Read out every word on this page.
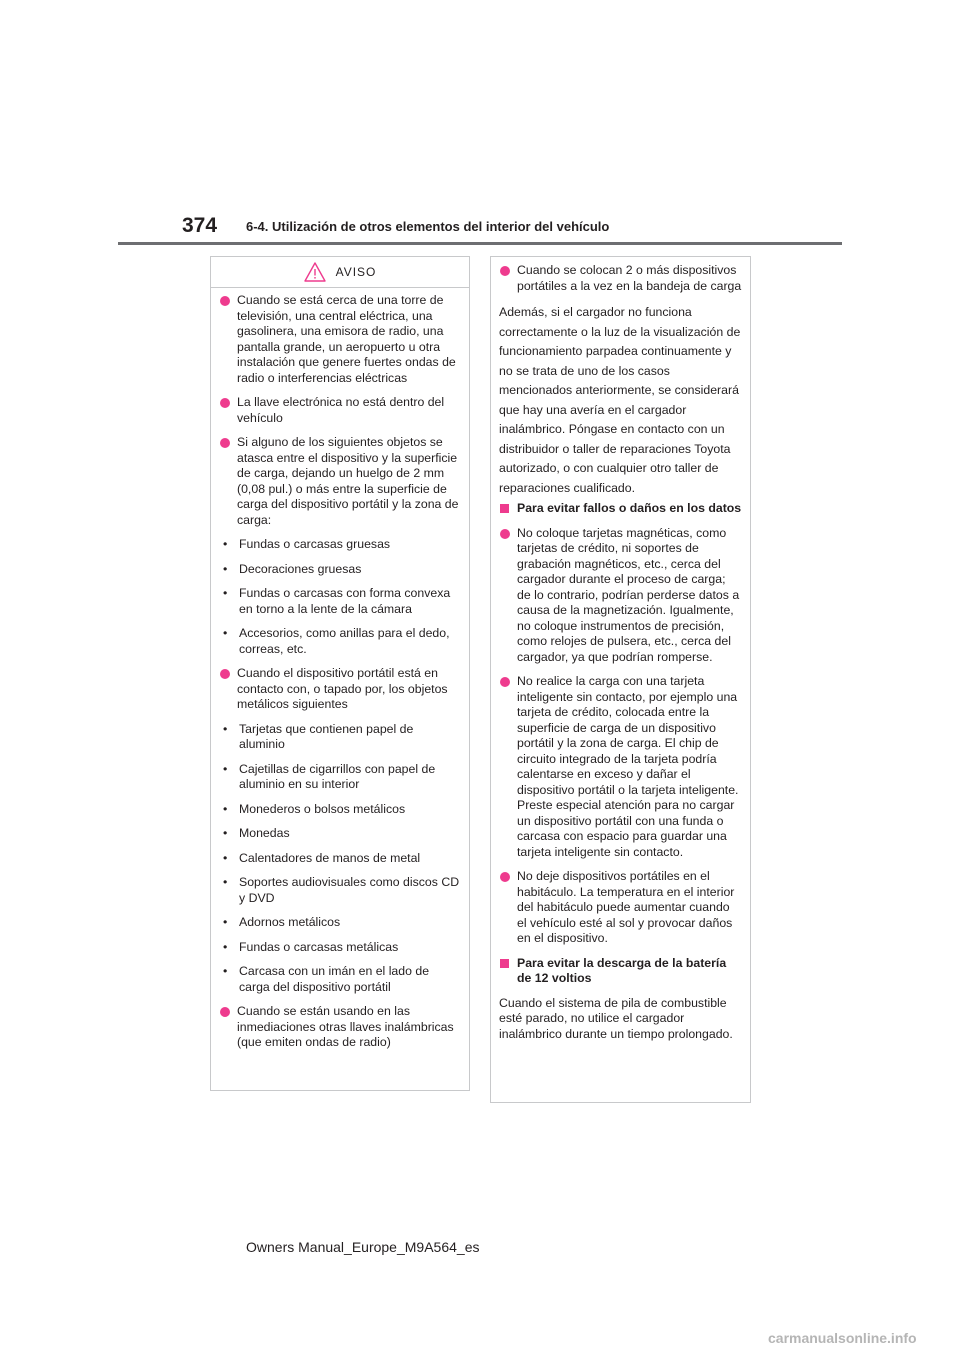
374 6-4. Utilización de otros elementos del interior del vehículo
AVISO
Cuando se está cerca de una torre de televisión, una central eléctrica, una gasolinera, una emisora de radio, una pantalla grande, un aeropuerto u otra instalación que genere fuertes ondas de radio o interferencias eléctricas
La llave electrónica no está dentro del vehículo
Si alguno de los siguientes objetos se atasca entre el dispositivo y la superficie de carga, dejando un huelgo de 2 mm (0,08 pul.) o más entre la superficie de carga del dispositivo portátil y la zona de carga:
• Fundas o carcasas gruesas
• Decoraciones gruesas
• Fundas o carcasas con forma convexa en torno a la lente de la cámara
• Accesorios, como anillas para el dedo, correas, etc.
Cuando el dispositivo portátil está en contacto con, o tapado por, los objetos metálicos siguientes
• Tarjetas que contienen papel de aluminio
• Cajetillas de cigarrillos con papel de aluminio en su interior
• Monederos o bolsos metálicos
• Monedas
• Calentadores de manos de metal
• Soportes audiovisuales como discos CD y DVD
• Adornos metálicos
• Fundas o carcasas metálicas
• Carcasa con un imán en el lado de carga del dispositivo portátil
Cuando se están usando en las inmediaciones otras llaves inalámbricas (que emiten ondas de radio)
Cuando se colocan 2 o más dispositivos portátiles a la vez en la bandeja de carga
Además, si el cargador no funciona correctamente o la luz de la visualización de funcionamiento parpadea continuamente y no se trata de uno de los casos mencionados anteriormente, se considerará que hay una avería en el cargador inalámbrico. Póngase en contacto con un distribuidor o taller de reparaciones Toyota autorizado, o con cualquier otro taller de reparaciones cualificado.
Para evitar fallos o daños en los datos
No coloque tarjetas magnéticas, como tarjetas de crédito, ni soportes de grabación magnéticos, etc., cerca del cargador durante el proceso de carga; de lo contrario, podrían perderse datos a causa de la magnetización. Igualmente, no coloque instrumentos de precisión, como relojes de pulsera, etc., cerca del cargador, ya que podrían romperse.
No realice la carga con una tarjeta inteligente sin contacto, por ejemplo una tarjeta de crédito, colocada entre la superficie de carga de un dispositivo portátil y la zona de carga. El chip de circuito integrado de la tarjeta podría calentarse en exceso y dañar el dispositivo portátil o la tarjeta inteligente. Preste especial atención para no cargar un dispositivo portátil con una funda o carcasa con espacio para guardar una tarjeta inteligente sin contacto.
No deje dispositivos portátiles en el habitáculo. La temperatura en el interior del habitáculo puede aumentar cuando el vehículo esté al sol y provocar daños en el dispositivo.
Para evitar la descarga de la batería de 12 voltios
Cuando el sistema de pila de combustible esté parado, no utilice el cargador inalámbrico durante un tiempo prolongado.
Owners Manual_Europe_M9A564_es
carmanualsonline.info
